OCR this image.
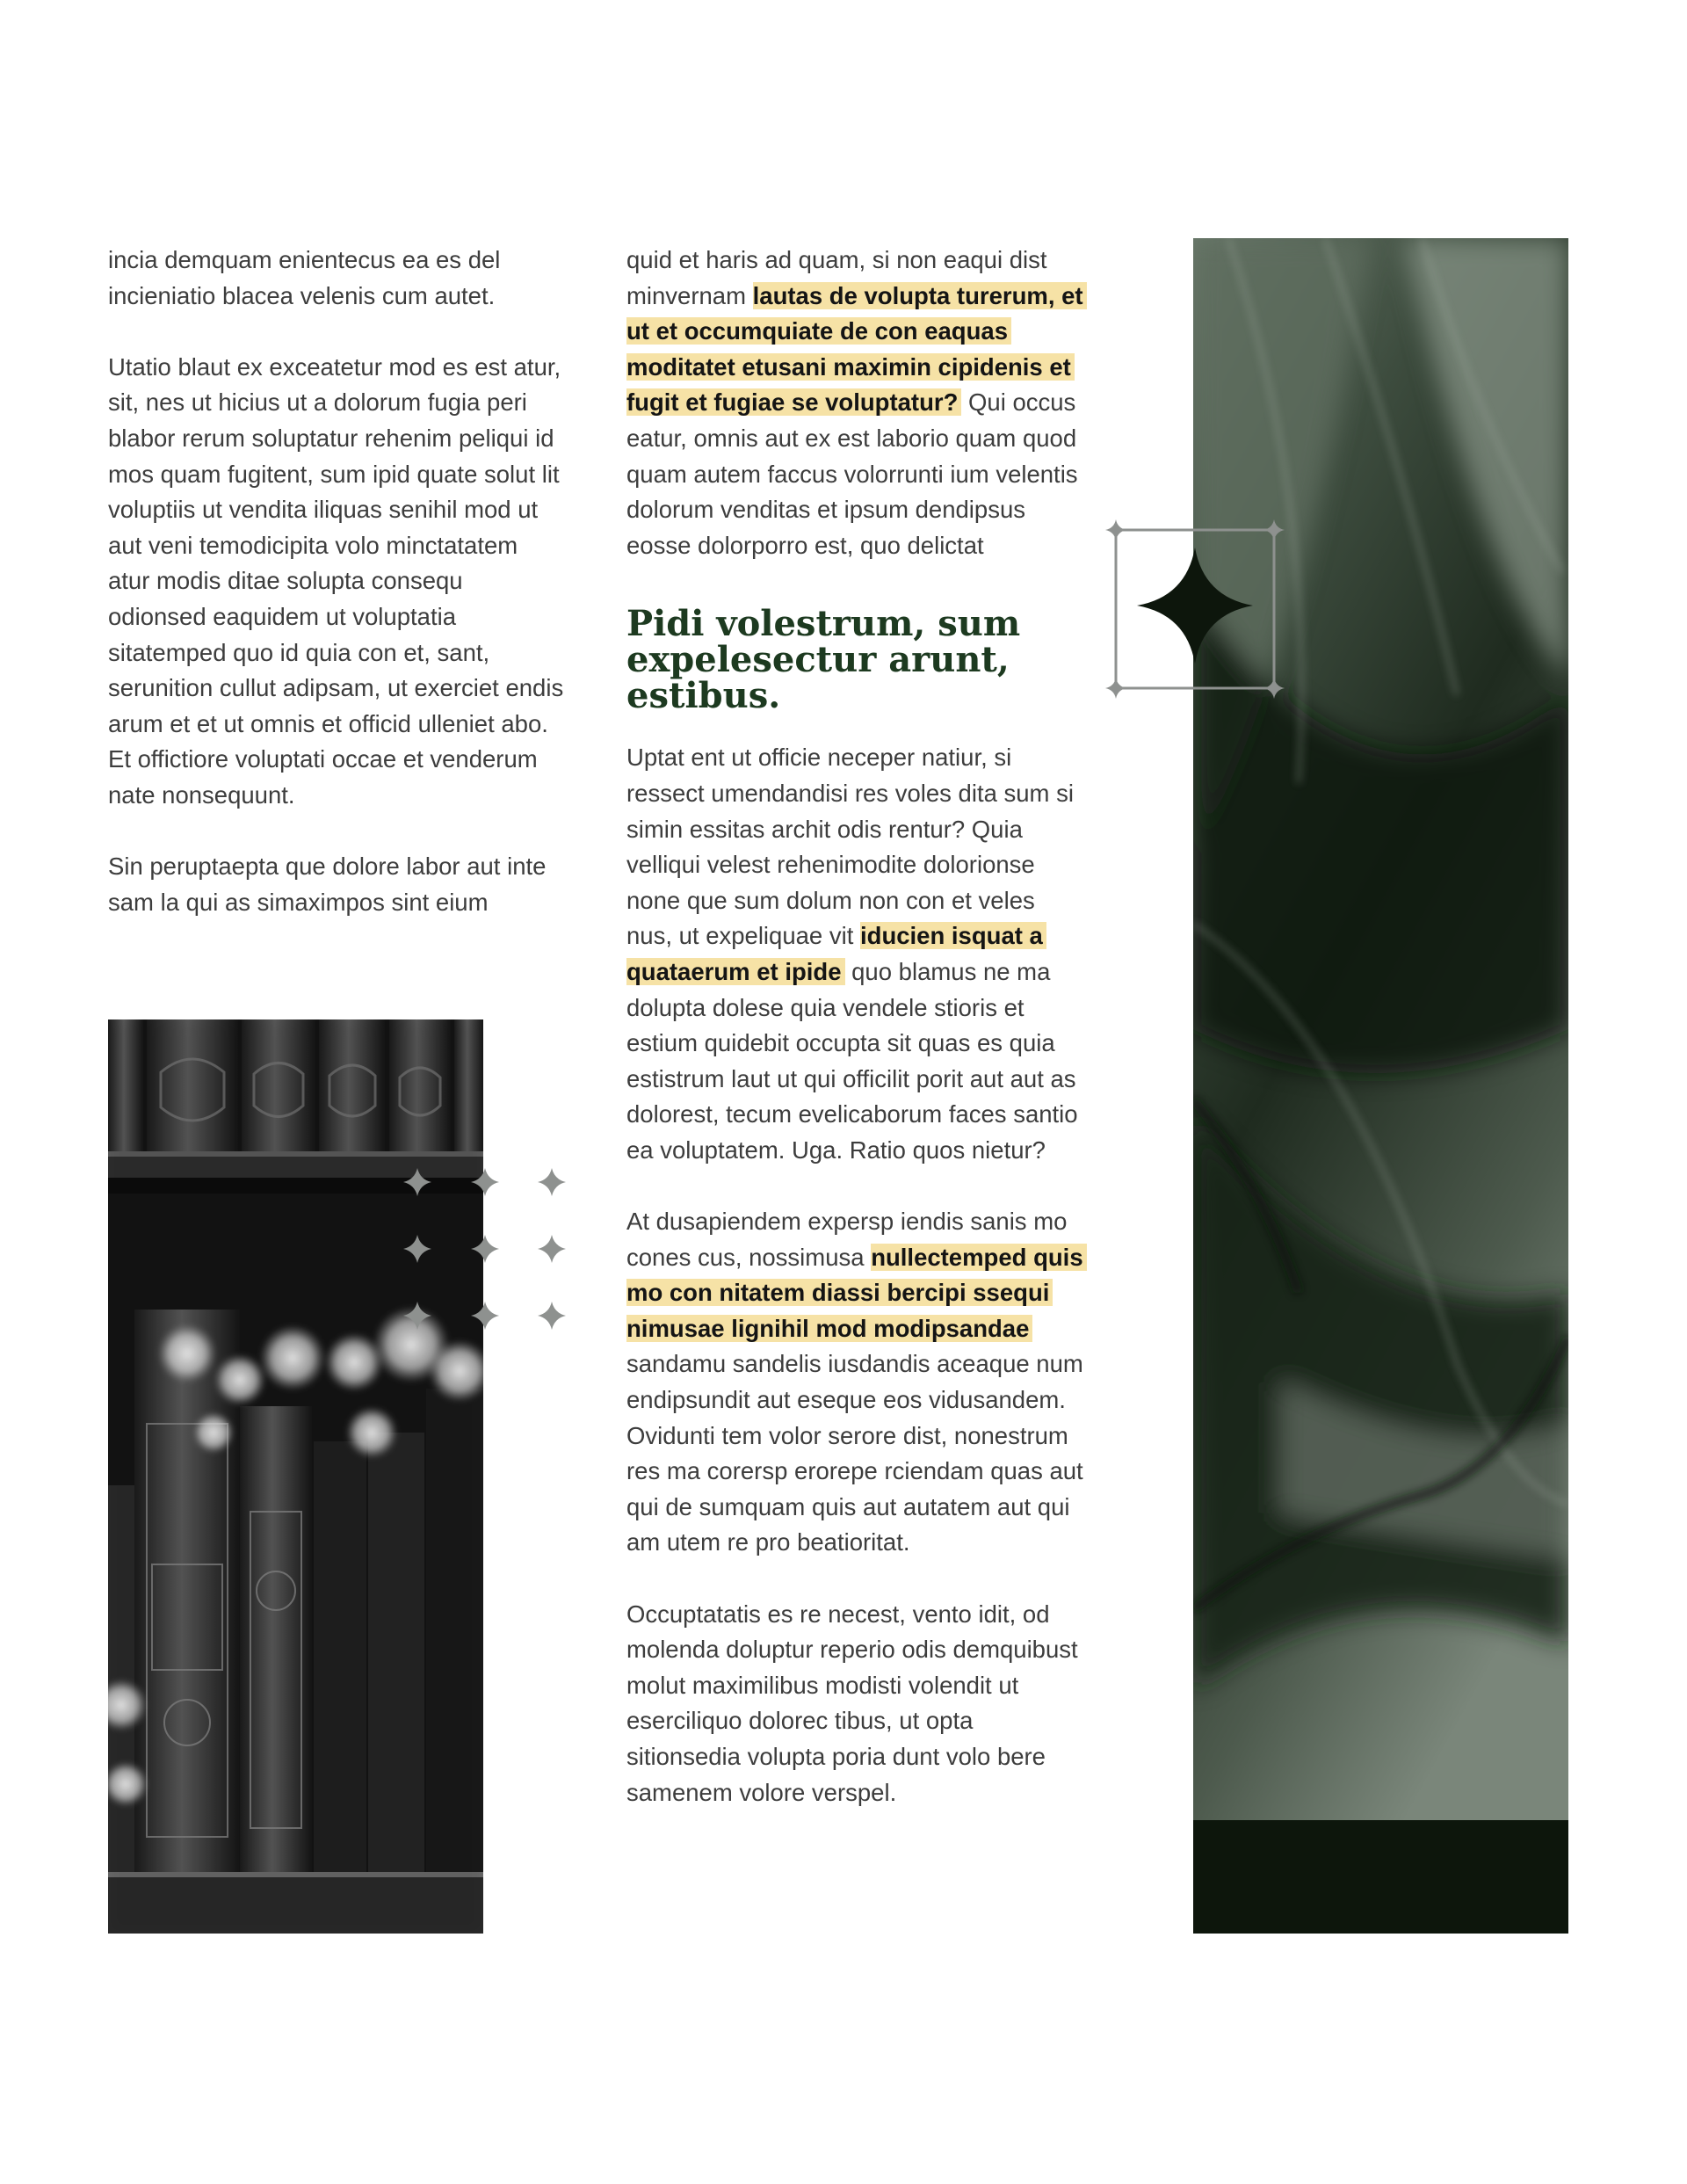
incia demquam enientecus ea es del incieniatio blacea velenis cum autet.

Utatio blaut ex exceatetur mod es est atur, sit, nes ut hicius ut a dolorum fugia peri blabor rerum soluptatur rehenim peliqui id mos quam fugitent, sum ipid quate solut lit voluptiis ut vendita iliquas senihil mod ut aut veni temodicipita volo minctatatem atur modis ditae solupta consequ odionsed eaquidem ut voluptatia sitatemped quo id quia con et, sant, serunition cullut adipsam, ut exerciet endis arum et et ut omnis et officid ulleniet abo. Et offictiore voluptati occae et venderum nate nonsequunt.

Sin peruptaepta que dolore labor aut inte sam la qui as simaximpos sint eium

quid et haris ad quam, si non eaqui dist minvernam lautas de volupta turerum, et ut et occumquiate de con eaquas moditatet etusani maximin cipidenis et fugit et fugiae se voluptatur? Qui occus eatur, omnis aut ex est laborio quam quod quam autem faccus volorrunti ium velentis dolorum venditas et ipsum dendipsus eosse dolorporro est, quo delictat

Pidi volestrum, sum expelesectur arunt, estibus.

Uptat ent ut officie neceper natiur, si ressect umendandisi res voles dita sum si simin essitas archit odis rentur? Quia velliqui velest rehenimodite dolorionse none que sum dolum non con et veles nus, ut expeliquae vit iducien isquat a quataerum et ipide quo blamus ne ma dolupta dolese quia vendele stioris et estium quidebit occupta sit quas es quia estistrum laut ut qui officilit porit aut aut as dolorest, tecum evelicaborum faces santio ea voluptatem. Uga. Ratio quos nietur?

At dusapiendem expersp iendis sanis mo cones cus, nossimusa nullectemped quis mo con nitatem diassi bercipi ssequi nimusae lignihil mod modipsandae sandamu sandelis iusdandis aceaque num endipsundit aut eseque eos vidusandem. Ovidunti tem volor serore dist, nonestrum res ma corersp erorepe rciendam quas aut qui de sumquam quis aut autatem aut qui am utem re pro beatioritat.

Occuptatatis es re necest, vento idit, od molenda doluptur reperio odis demquibust molut maximilibus modisti volendit ut eserciliquo dolorec tibus, ut opta sitionsedia volupta poria dunt volo bere samenem volore verspel.
